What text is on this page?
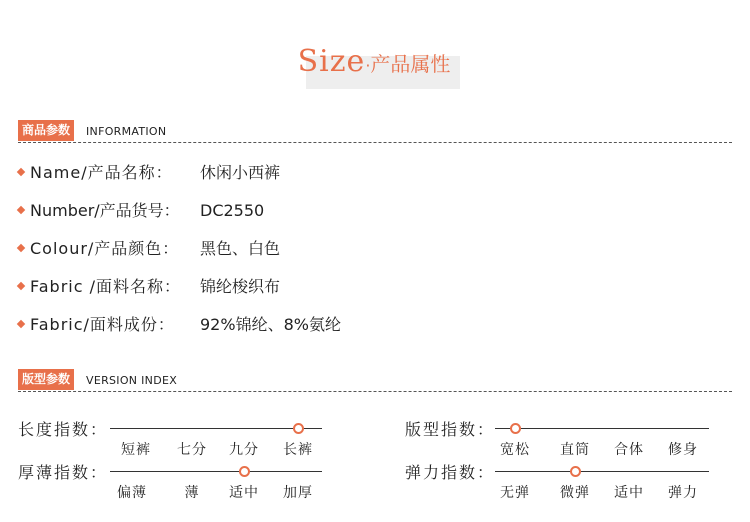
Size·产品属性
商品参数	INFORMATION
Name/产品名称： 休闲小西裤
Number/产品货号： DC2550
Colour/产品颜色： 黑色、白色
Fabric /面料名称： 锦纶梭织布
Fabric/面料成份： 92%锦纶、8%氨纶
版型参数	VERSION INDEX
长度指数：
短裤 七分 九分 长裤
厚薄指数：
偏薄	薄 适中 加厚
版型指数：
宽松 直筒 合体 修身
弹力指数：
无弹 微弹 适中 弹力
